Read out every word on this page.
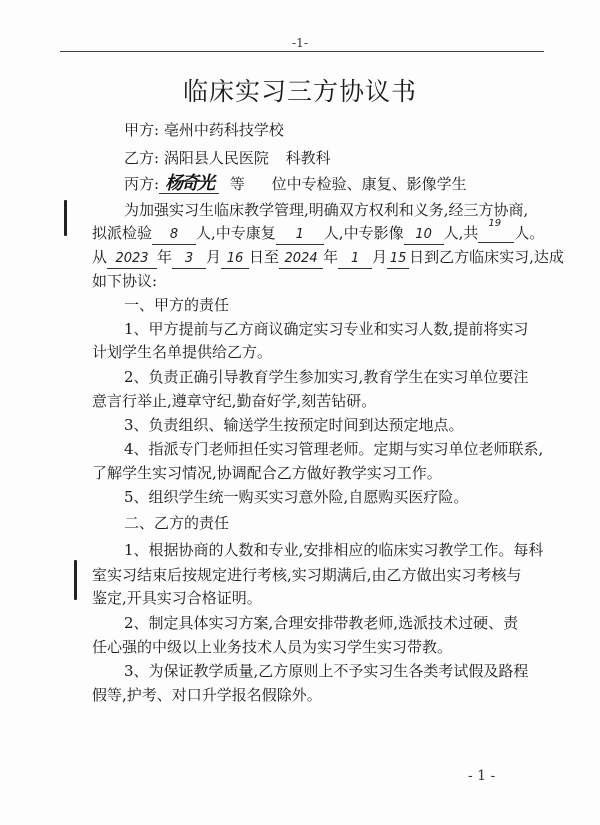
-1-
临床实习三方协议书
甲方: 亳州中药科技学校
乙方: 涡阳县人民医院 科教科
丙方: 杨奇光 等 位中专检验、康复、影像学生
为加强实习生临床教学管理,明确双方权利和义务,经三方协商,
拟派检验 8 人,中专康复 1 人,中专影像 10 人,共
19
人。
从 2023 年 3 月 16 日至 2024 年 1 月 15 日到乙方临床实习,达成
如下协议:
一、甲方的责任
1、甲方提前与乙方商议确定实习专业和实习人数,提前将实习
计划学生名单提供给乙方。
2、负责正确引导教育学生参加实习,教育学生在实习单位要注
意言行举止,遵章守纪,勤奋好学,刻苦钻研。
3、负责组织、输送学生按预定时间到达预定地点。
4、指派专门老师担任实习管理老师。定期与实习单位老师联系,
了解学生实习情况,协调配合乙方做好教学实习工作。
5、组织学生统一购买实习意外险,自愿购买医疗险。
二、乙方的责任
1、根据协商的人数和专业,安排相应的临床实习教学工作。每科
室实习结束后按规定进行考核,实习期满后,由乙方做出实习考核与
鉴定,开具实习合格证明。
2、制定具体实习方案,合理安排带教老师,选派技术过硬、责
任心强的中级以上业务技术人员为实习学生实习带教。
3、为保证教学质量,乙方原则上不予实习生各类考试假及路程
假等,护考、对口升学报名假除外。
- 1 -
